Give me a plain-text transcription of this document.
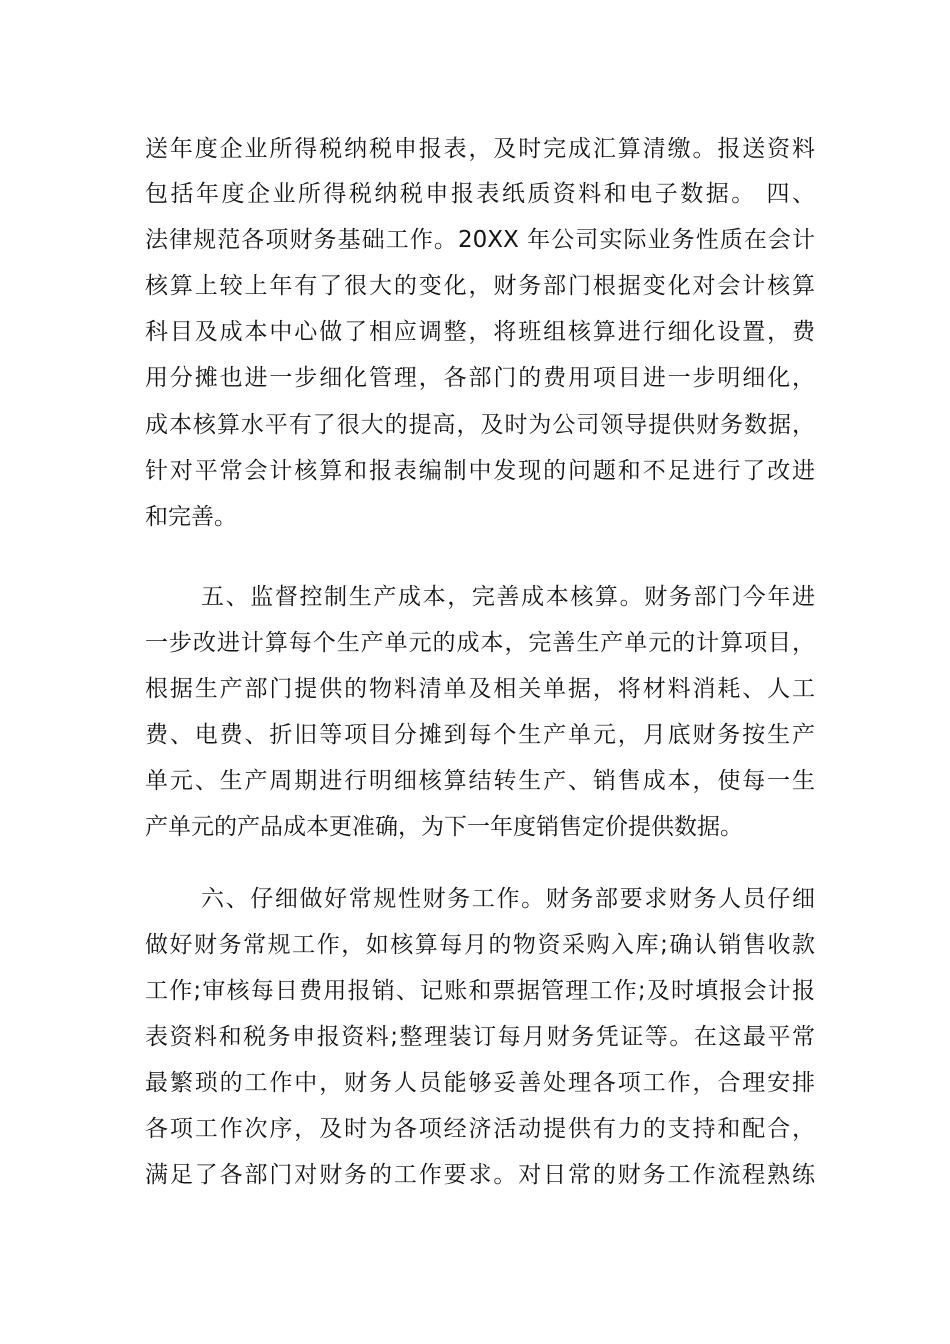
送年度企业所得税纳税申报表，及时完成汇算清缴。报送资料
包括年度企业所得税纳税申报表纸质资料和电子数据。 四、
法律规范各项财务基础工作。20XX 年公司实际业务性质在会计
核算上较上年有了很大的变化，财务部门根据变化对会计核算
科目及成本中心做了相应调整，将班组核算进行细化设置，费
用分摊也进一步细化管理，各部门的费用项目进一步明细化，
成本核算水平有了很大的提高，及时为公司领导提供财务数据，
针对平常会计核算和报表编制中发现的问题和不足进行了改进
和完善。
五、监督控制生产成本，完善成本核算。财务部门今年进
一步改进计算每个生产单元的成本，完善生产单元的计算项目，
根据生产部门提供的物料清单及相关单据，将材料消耗、人工
费、电费、折旧等项目分摊到每个生产单元，月底财务按生产
单元、生产周期进行明细核算结转生产、销售成本，使每一生
产单元的产品成本更准确，为下一年度销售定价提供数据。
六、仔细做好常规性财务工作。财务部要求财务人员仔细
做好财务常规工作，如核算每月的物资采购入库;确认销售收款
工作;审核每日费用报销、记账和票据管理工作;及时填报会计报
表资料和税务申报资料;整理装订每月财务凭证等。在这最平常
最繁琐的工作中，财务人员能够妥善处理各项工作，合理安排
各项工作次序，及时为各项经济活动提供有力的支持和配合，
满足了各部门对财务的工作要求。对日常的财务工作流程熟练
